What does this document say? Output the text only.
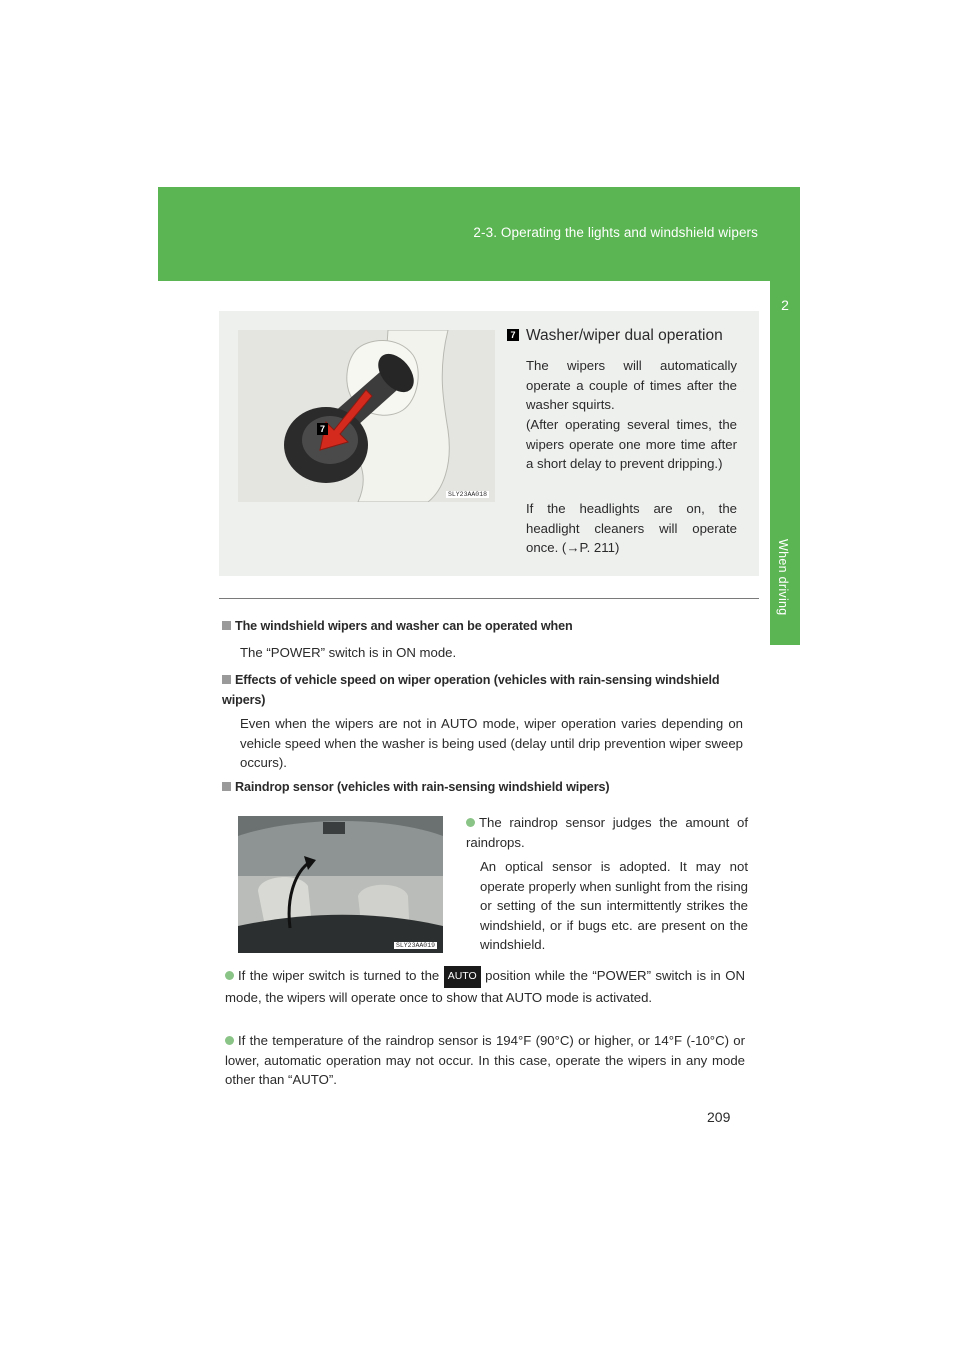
2-3. Operating the lights and windshield wipers
2
When driving
7
SLY23AA018
7 Washer/wiper dual operation
The wipers will automatically operate a couple of times after the washer squirts.
(After operating several times, the wipers operate one more time after a short delay to prevent dripping.)
If the headlights are on, the headlight cleaners will operate once. (→P. 211)
The windshield wipers and washer can be operated when
The “POWER” switch is in ON mode.
Effects of vehicle speed on wiper operation (vehicles with rain-sensing windshield wipers)
Even when the wipers are not in AUTO mode, wiper operation varies depending on vehicle speed when the washer is being used (delay until drip prevention wiper sweep occurs).
Raindrop sensor (vehicles with rain-sensing windshield wipers)
SLY23AA019
The raindrop sensor judges the amount of raindrops.
An optical sensor is adopted. It may not operate properly when sunlight from the rising or setting of the sun intermittently strikes the windshield, or if bugs etc. are present on the windshield.
If the wiper switch is turned to the AUTO position while the “POWER” switch is in ON mode, the wipers will operate once to show that AUTO mode is activated.
If the temperature of the raindrop sensor is 194°F (90°C) or higher, or 14°F (-10°C) or lower, automatic operation may not occur. In this case, operate the wipers in any mode other than “AUTO”.
209
